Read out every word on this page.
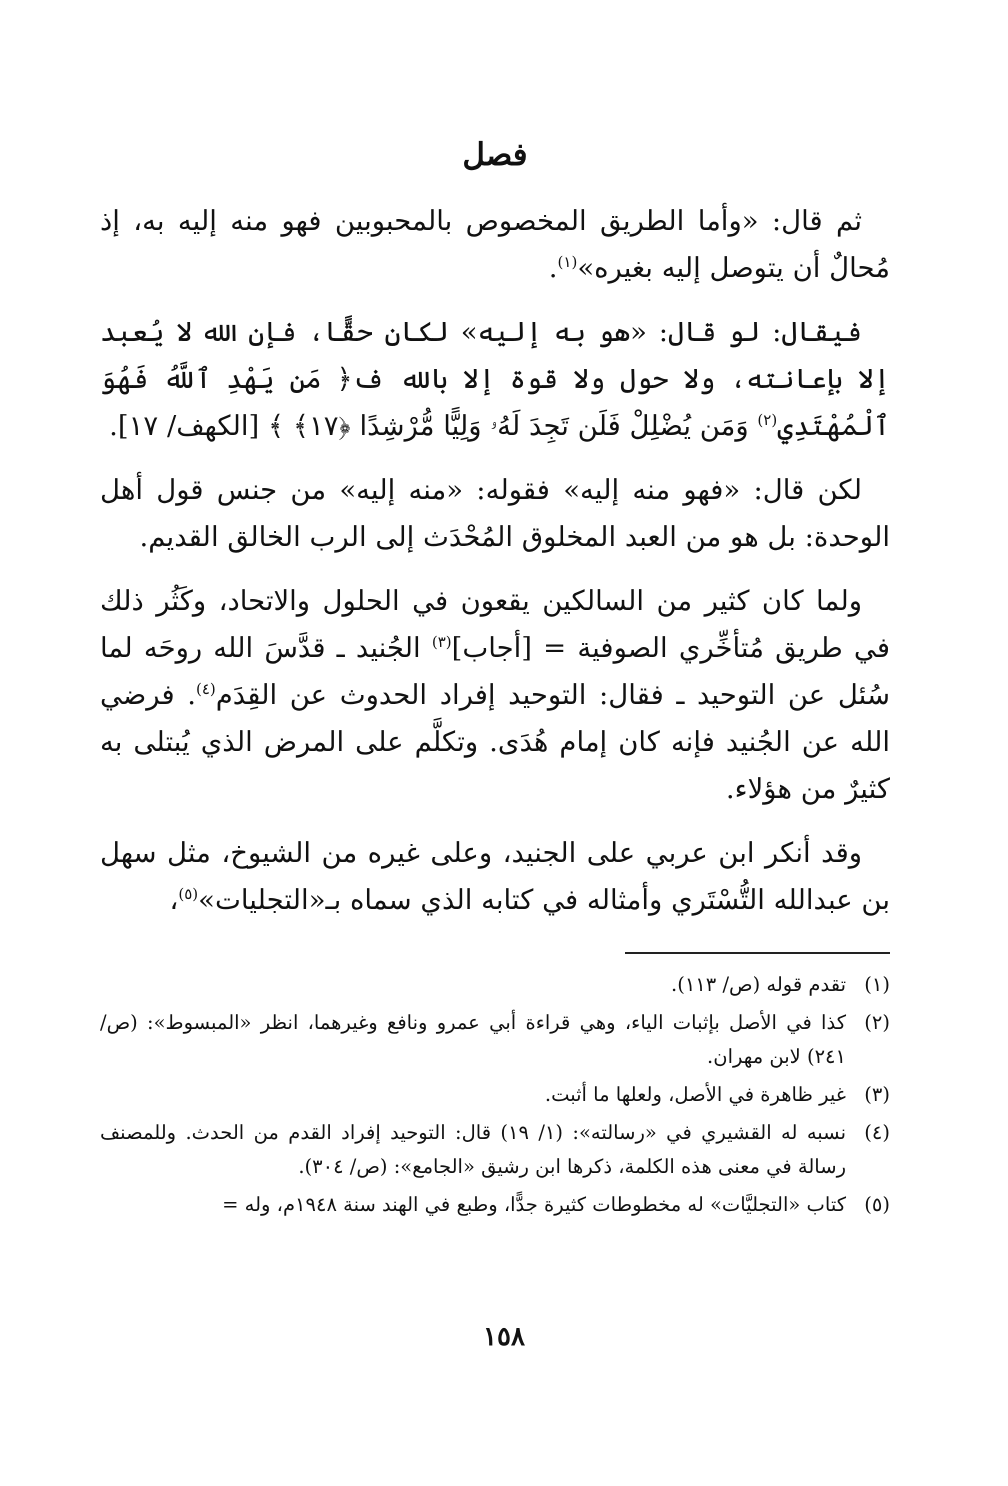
فصل

ثم قال: «وأما الطريق المخصوص بالمحبوبين فهو منه إليه به، إذ مُحالٌ أن يتوصل إليه بغيره»$^{(١)}$.

فيقال: لو قال: «هو به إليه» لكان حقًّا، فإن الله لا يُعبد إلا بإعانته، ولا حول ولا قوة إلا بالله ف﴿ مَن يَهْدِ ٱللَّهُ فَهُوَ ٱلْمُهْتَدِي$^{(٢)}$ وَمَن يُضْلِلْ فَلَن تَجِدَ لَهُۥ وَلِيًّا مُّرْشِدًا ﴿١٧﴾ ﴾ [الكهف/ ١٧].

لكن قال: «فهو منه إليه» فقوله: «منه إليه» من جنس قول أهل الوحدة: بل هو من العبد المخلوق المُحْدَث إلى الرب الخالق القديم.

ولما كان كثير من السالكين يقعون في الحلول والاتحاد، وكَثُر ذلك في طريق مُتأخِّري الصوفية = [أجاب]$^{(٣)}$ الجُنيد ـ قدَّسَ الله روحَه لما سُئل عن التوحيد ـ فقال: التوحيد إفراد الحدوث عن القِدَم$^{(٤)}$. فرضي الله عن الجُنيد فإنه كان إمام هُدَى. وتكلَّم على المرض الذي يُبتلى به كثيرٌ من هؤلاء.

وقد أنكر ابن عربي على الجنيد، وعلى غيره من الشيوخ، مثل سهل بن عبدالله التُّسْتَري وأمثاله في كتابه الذي سماه بـ«التجليات»$^{(٥)}$،

(١)
تقدم قوله (ص/ ١١٣).
(٢)
كذا في الأصل بإثبات الياء، وهي قراءة أبي عمرو ونافع وغيرهما، انظر «المبسوط»: (ص/ ٢٤١) لابن مهران.
(٣)
غير ظاهرة في الأصل، ولعلها ما أثبت.
(٤)
نسبه له القشيري في «رسالته»: (١/ ١٩) قال: التوحيد إفراد القدم من الحدث. وللمصنف رسالة في معنى هذه الكلمة، ذكرها ابن رشيق «الجامع»: (ص/ ٣٠٤).
(٥)
كتاب «التجليَّات» له مخطوطات كثيرة جدًّا، وطبع في الهند سنة ١٩٤٨م، وله =
١٥٨
